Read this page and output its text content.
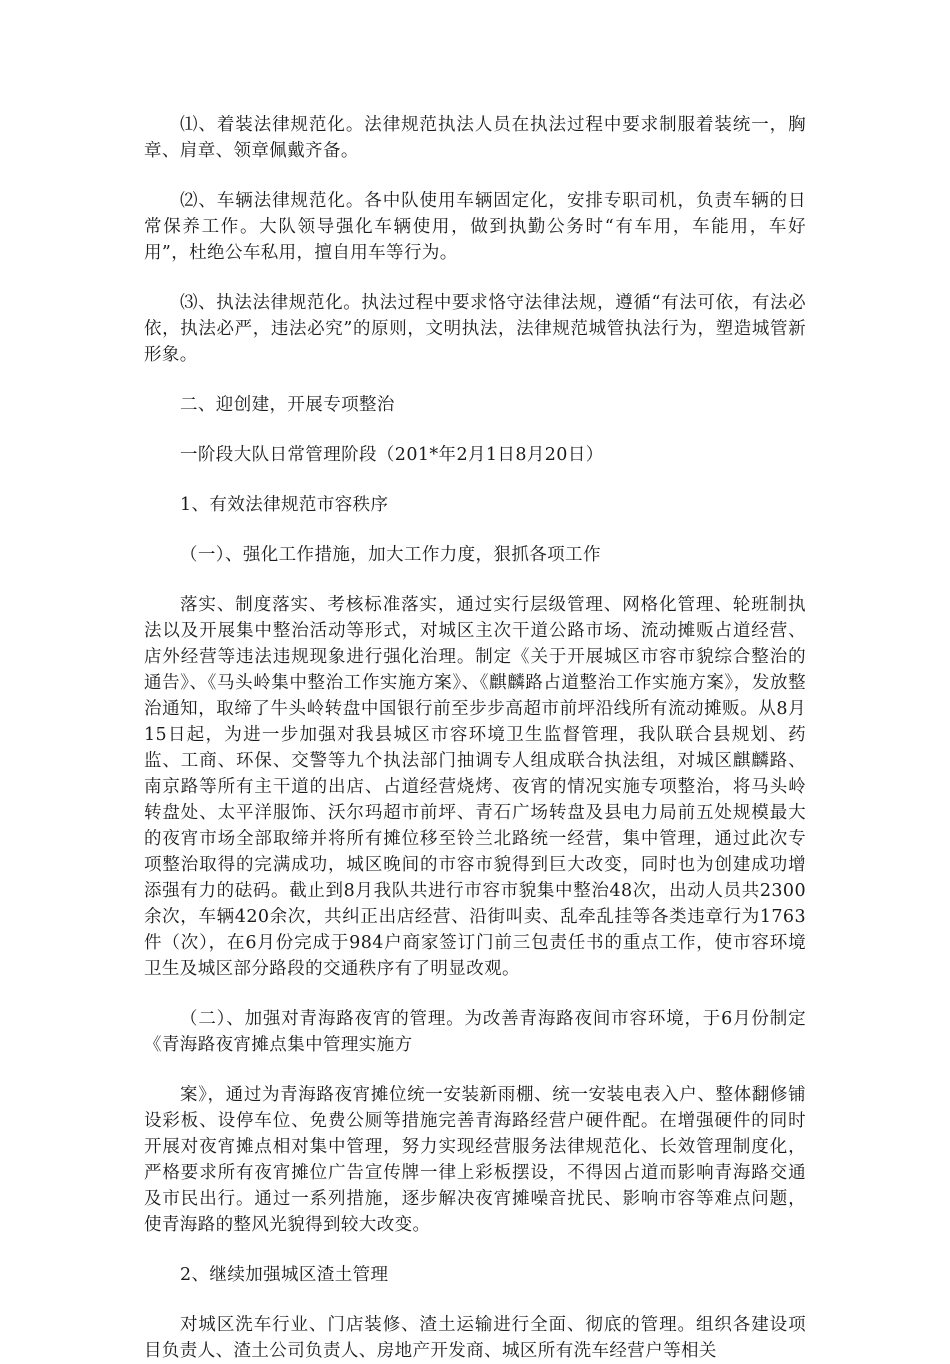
⑴、着装法律规范化。法律规范执法人员在执法过程中要求制服着装统一，胸章、肩章、领章佩戴齐备。

⑵、车辆法律规范化。各中队使用车辆固定化，安排专职司机，负责车辆的日常保养工作。大队领导强化车辆使用，做到执勤公务时“有车用，车能用，车好用”，杜绝公车私用，擅自用车等行为。

⑶、执法法律规范化。执法过程中要求恪守法律法规，遵循“有法可依，有法必依，执法必严，违法必究”的原则，文明执法，法律规范城管执法行为，塑造城管新形象。

二、迎创建，开展专项整治

一阶段大队日常管理阶段（201*年2月1日8月20日）

1、有效法律规范市容秩序

（一）、强化工作措施，加大工作力度，狠抓各项工作

落实、制度落实、考核标准落实，通过实行层级管理、网格化管理、轮班制执法以及开展集中整治活动等形式，对城区主次干道公路市场、流动摊贩占道经营、店外经营等违法违规现象进行强化治理。制定《关于开展城区市容市貌综合整治的通告》、《马头岭集中整治工作实施方案》、《麒麟路占道整治工作实施方案》，发放整治通知，取缔了牛头岭转盘中国银行前至步步高超市前坪沿线所有流动摊贩。从8月15日起，为进一步加强对我县城区市容环境卫生监督管理，我队联合县规划、药监、工商、环保、交警等九个执法部门抽调专人组成联合执法组，对城区麒麟路、南京路等所有主干道的出店、占道经营烧烤、夜宵的情况实施专项整治，将马头岭转盘处、太平洋服饰、沃尔玛超市前坪、青石广场转盘及县电力局前五处规模最大的夜宵市场全部取缔并将所有摊位移至铃兰北路统一经营，集中管理，通过此次专项整治取得的完满成功，城区晚间的市容市貌得到巨大改变，同时也为创建成功增添强有力的砝码。截止到8月我队共进行市容市貌集中整治48次，出动人员共2300余次，车辆420余次，共纠正出店经营、沿街叫卖、乱牵乱挂等各类违章行为1763件（次），在6月份完成于984户商家签订门前三包责任书的重点工作，使市容环境卫生及城区部分路段的交通秩序有了明显改观。

（二）、加强对青海路夜宵的管理。为改善青海路夜间市容环境，于6月份制定《青海路夜宵摊点集中管理实施方

案》，通过为青海路夜宵摊位统一安装新雨棚、统一安装电表入户、整体翻修铺设彩板、设停车位、免费公厕等措施完善青海路经营户硬件配。在增强硬件的同时开展对夜宵摊点相对集中管理，努力实现经营服务法律规范化、长效管理制度化，严格要求所有夜宵摊位广告宣传牌一律上彩板摆设，不得因占道而影响青海路交通及市民出行。通过一系列措施，逐步解决夜宵摊噪音扰民、影响市容等难点问题，使青海路的整风光貌得到较大改变。

2、继续加强城区渣土管理

对城区洗车行业、门店装修、渣土运输进行全面、彻底的管理。组织各建设项目负责人、渣土公司负责人、房地产开发商、城区所有洗车经营户等相关
